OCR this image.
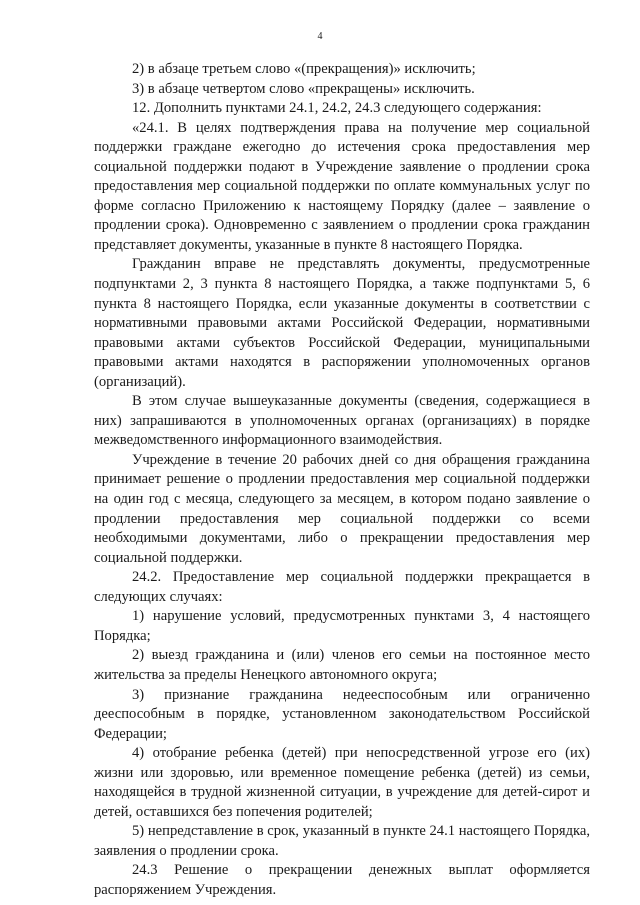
4

2) в абзаце третьем слово «(прекращения)» исключить;

3) в абзаце четвертом слово «прекращены» исключить.

12. Дополнить пунктами 24.1, 24.2, 24.3 следующего содержания:

«24.1. В целях подтверждения права на получение мер социальной поддержки граждане ежегодно до истечения срока предоставления мер социальной поддержки подают в Учреждение заявление о продлении срока предоставления мер социальной поддержки по оплате коммунальных услуг по форме согласно Приложению к настоящему Порядку (далее – заявление о продлении срока). Одновременно с заявлением о продлении срока гражданин представляет документы, указанные в пункте 8 настоящего Порядка.

Гражданин вправе не представлять документы, предусмотренные подпунктами 2, 3 пункта 8 настоящего Порядка, а также подпунктами 5, 6 пункта 8 настоящего Порядка, если указанные документы в соответствии с нормативными правовыми актами Российской Федерации, нормативными правовыми актами субъектов Российской Федерации, муниципальными правовыми актами находятся в распоряжении уполномоченных органов (организаций).

В этом случае вышеуказанные документы (сведения, содержащиеся в них) запрашиваются в уполномоченных органах (организациях) в порядке межведомственного информационного взаимодействия.

Учреждение в течение 20 рабочих дней со дня обращения гражданина принимает решение о продлении предоставления мер социальной поддержки на один год с месяца, следующего за месяцем, в котором подано заявление о продлении предоставления мер социальной поддержки со всеми необходимыми документами, либо о прекращении предоставления мер социальной поддержки.

24.2. Предоставление мер социальной поддержки прекращается в следующих случаях:

1) нарушение условий, предусмотренных пунктами 3, 4 настоящего Порядка;

2) выезд гражданина и (или) членов его семьи на постоянное место жительства за пределы Ненецкого автономного округа;

3) признание гражданина недееспособным или ограниченно дееспособным в порядке, установленном законодательством Российской Федерации;

4) отобрание ребенка (детей) при непосредственной угрозе его (их) жизни или здоровью, или временное помещение ребенка (детей) из семьи, находящейся в трудной жизненной ситуации, в учреждение для детей-сирот и детей, оставшихся без попечения родителей;

5) непредставление в срок, указанный в пункте 24.1 настоящего Порядка, заявления о продлении срока.

24.3 Решение о прекращении денежных выплат оформляется распоряжением Учреждения.
